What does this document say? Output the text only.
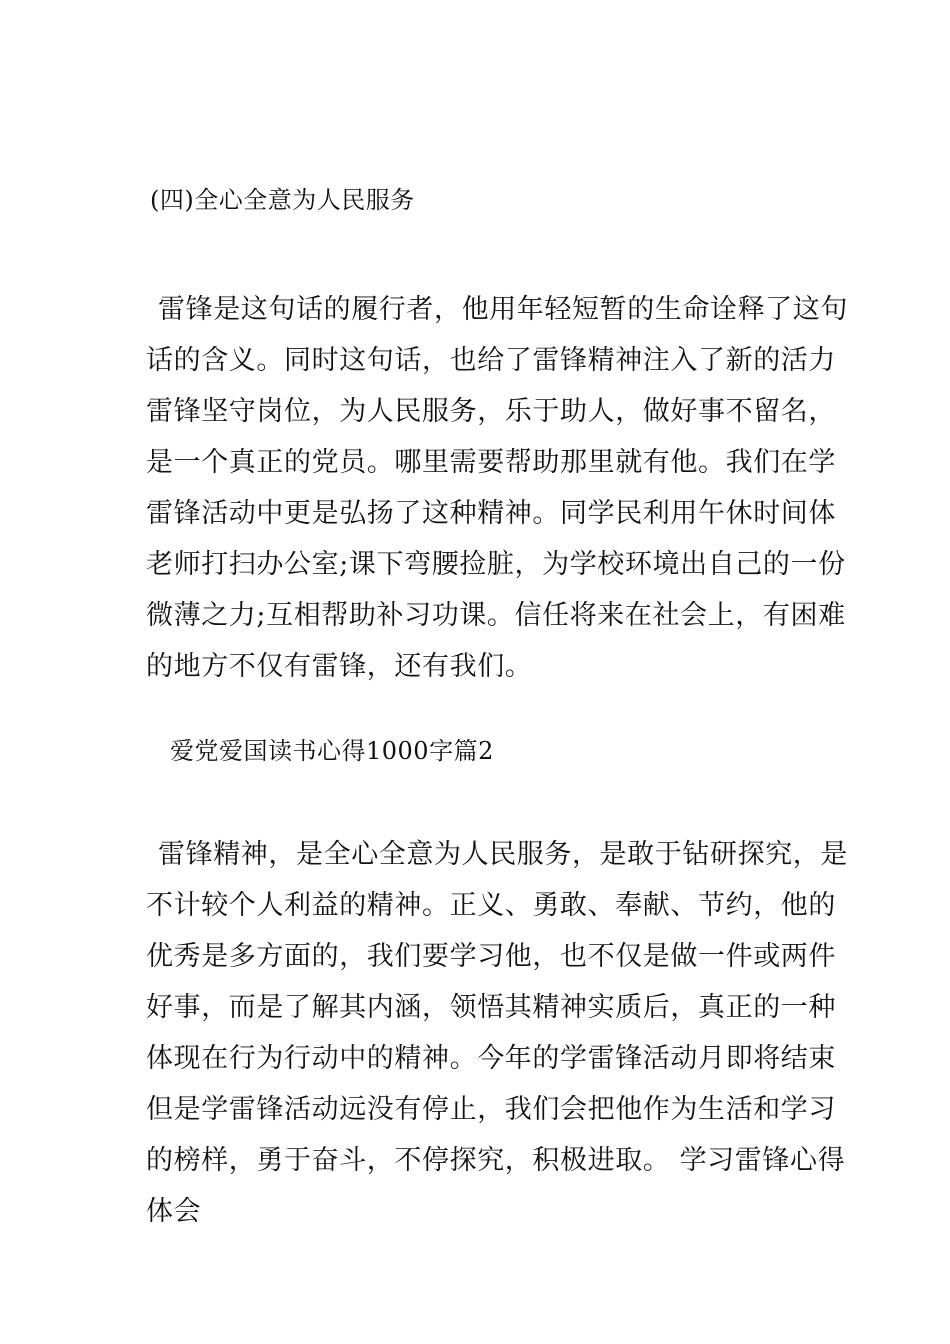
(四)全心全意为人民服务
雷锋是这句话的履行者，他用年轻短暂的生命诠释了这句
话的含义。同时这句话，也给了雷锋精神注入了新的活力
雷锋坚守岗位，为人民服务，乐于助人，做好事不留名，
是一个真正的党员。哪里需要帮助那里就有他。我们在学
雷锋活动中更是弘扬了这种精神。同学民利用午休时间体
老师打扫办公室;课下弯腰捡脏，为学校环境出自己的一份
微薄之力;互相帮助补习功课。信任将来在社会上，有困难
的地方不仅有雷锋，还有我们。
爱党爱国读书心得1000字篇2
雷锋精神，是全心全意为人民服务，是敢于钻研探究，是
不计较个人利益的精神。正义、勇敢、奉献、节约，他的
优秀是多方面的，我们要学习他，也不仅是做一件或两件
好事，而是了解其内涵，领悟其精神实质后，真正的一种
体现在行为行动中的精神。今年的学雷锋活动月即将结束
但是学雷锋活动远没有停止，我们会把他作为生活和学习
的榜样，勇于奋斗，不停探究，积极进取。 学习雷锋心得
体会
